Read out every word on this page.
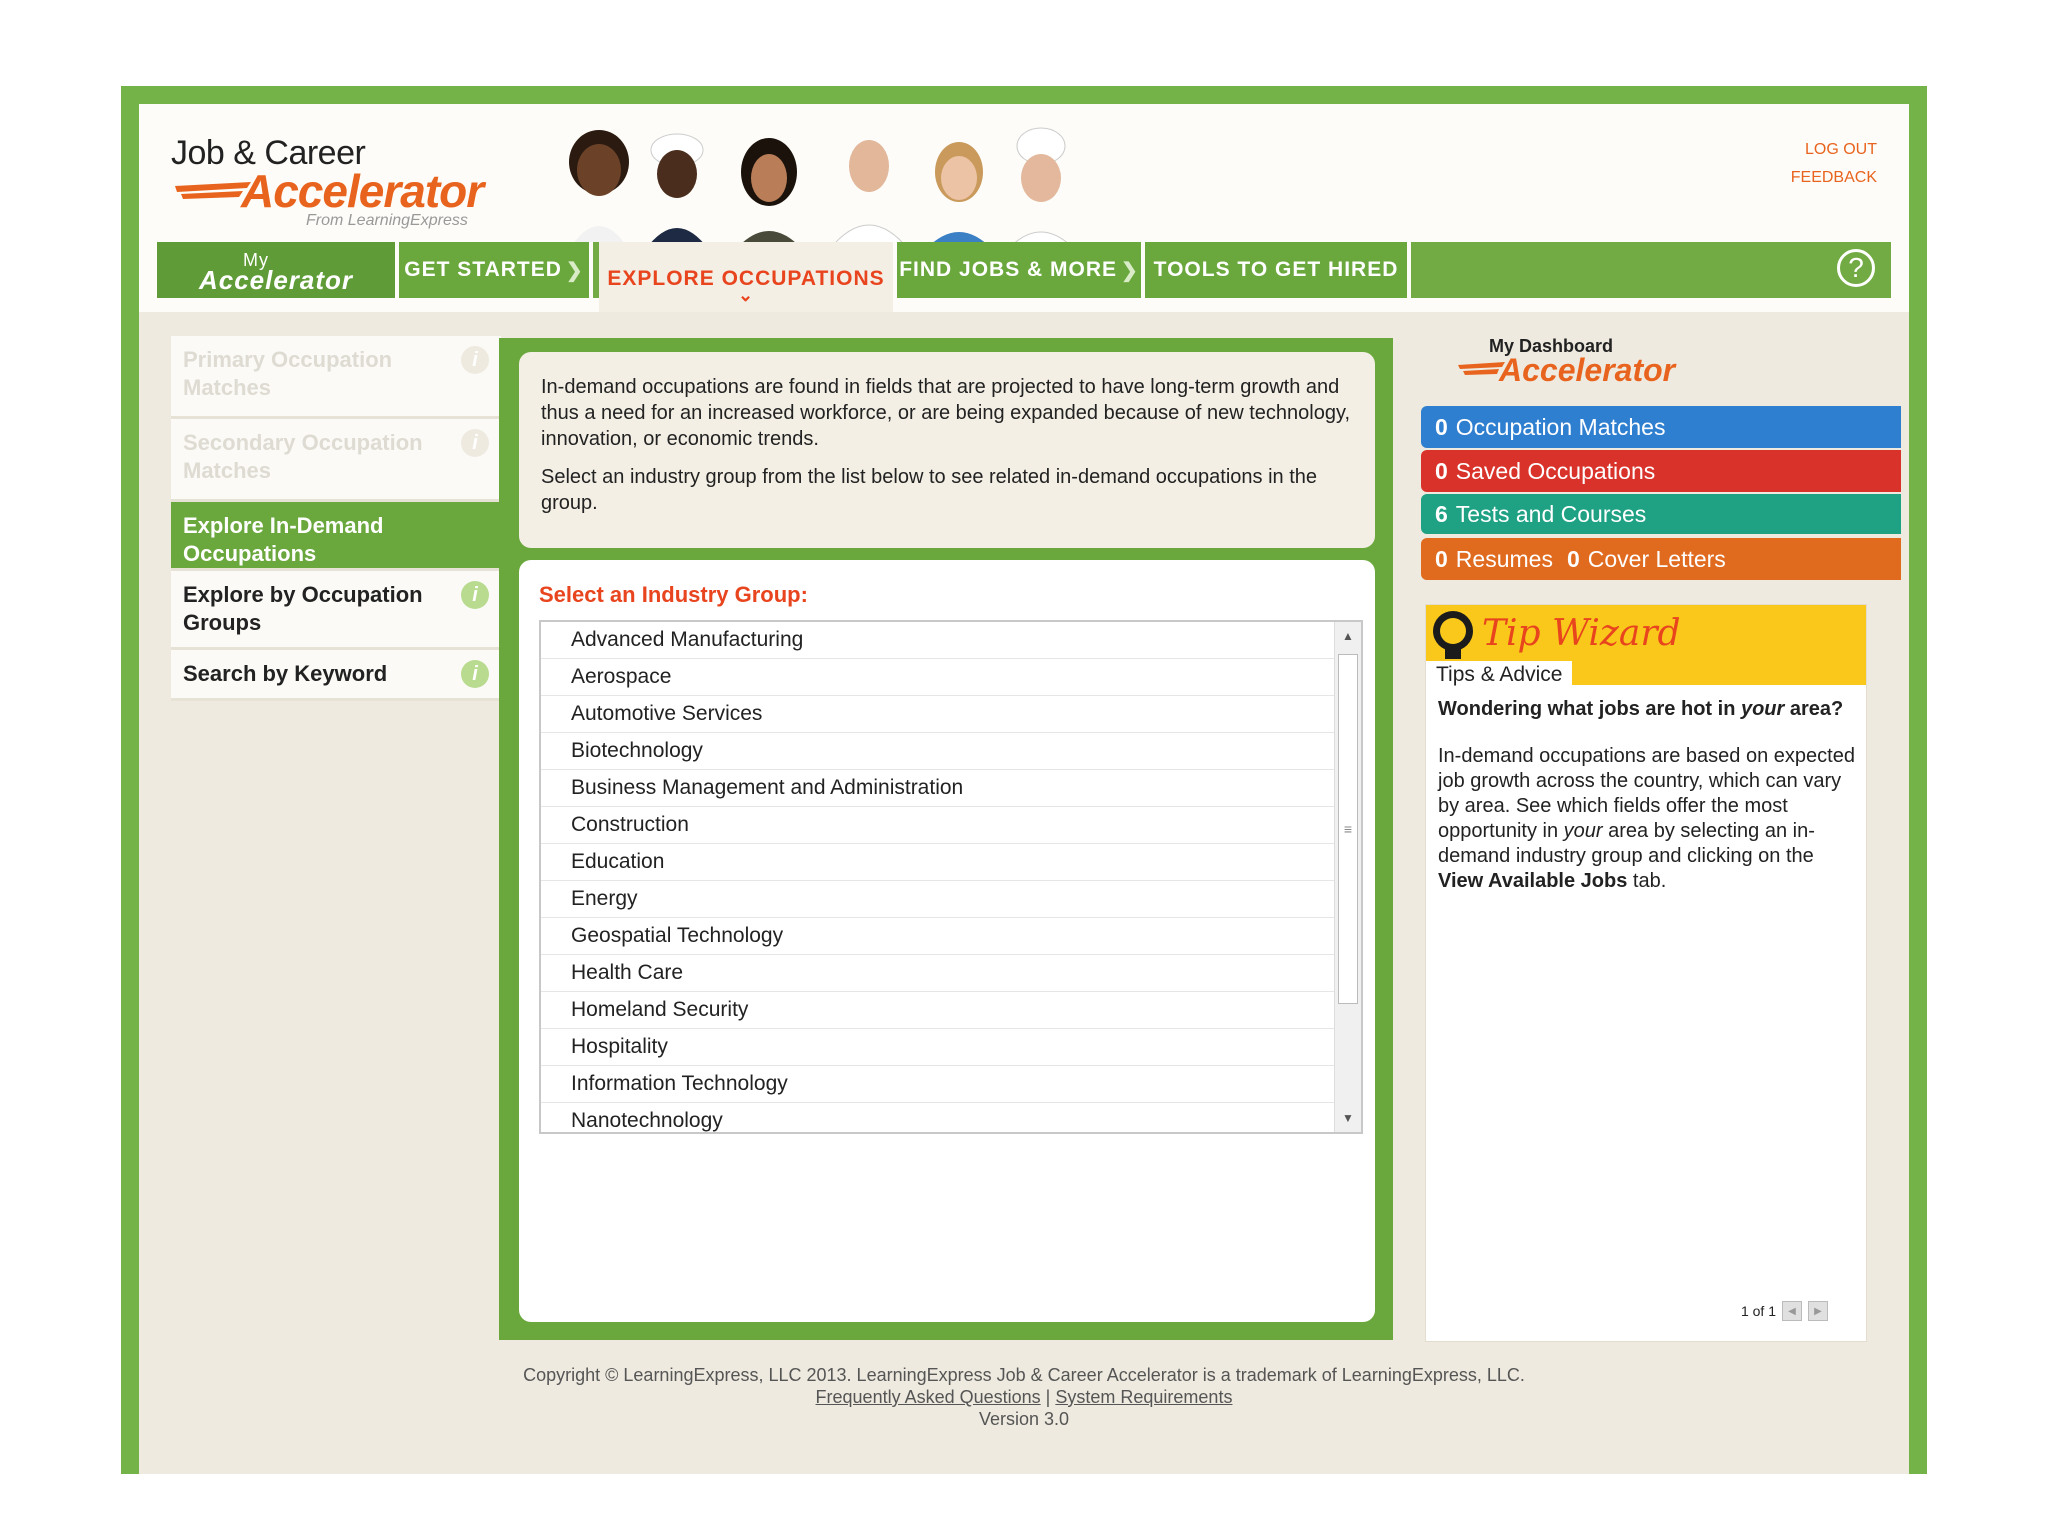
Job & Career
Accelerator
From LearningExpress
LOG OUT
FEEDBACK
My
Accelerator GET STARTED ❯ EXPLORE OCCUPATIONS
⌄
FIND JOBS & MORE ❯ TOOLS TO GET HIRED	?
Primary Occupation Matches
i
Secondary Occupation Matches
i
Explore In-Demand Occupations
Explore by Occupation Groups
i
Search by Keyword	i

In-demand occupations are found in fields that are projected to have long-term growth and thus a need for an increased workforce, or are being expanded because of new technology, innovation, or economic trends.

Select an industry group from the list below to see related in-demand occupations in the group.

Select an Industry Group:
Advanced Manufacturing
Aerospace
Automotive Services
Biotechnology
Business Management and Administration
Construction
Education
Energy
Geospatial Technology
Health Care
Homeland Security
Hospitality
Information Technology
Nanotechnology
▲
≡
▼
My Dashboard
Accelerator
0 Occupation Matches
0 Saved Occupations
6 Tests and Courses
0 Resumes 0 Cover Letters
Tip Wizard
Tips & Advice
Wondering what jobs are hot in your area?
In-demand occupations are based on expected job growth across the country, which can vary by area. See which fields offer the most opportunity in your area by selecting an in-demand industry group and clicking on the View Available Jobs tab.
1 of 1	◀	▶
Copyright © LearningExpress, LLC 2013. LearningExpress Job & Career Accelerator is a trademark of LearningExpress, LLC.
Frequently Asked Questions | System Requirements
Version 3.0
